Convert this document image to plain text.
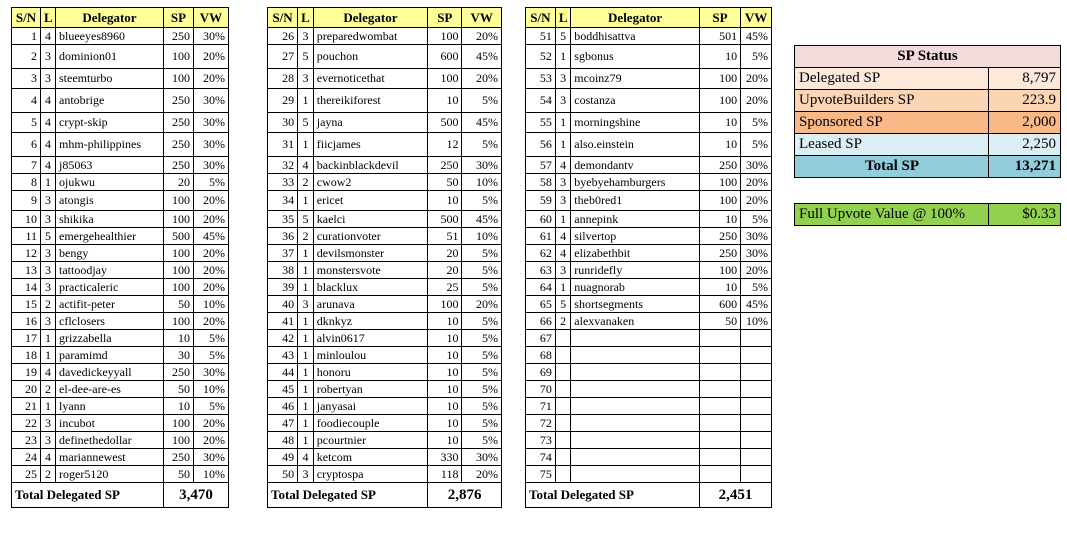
S/N	L	Delegator	SP	VW
1	4	blueeyes8960	250	30%
2	3	dominion01	100	20%
3	3	steemturbo	100	20%
4	4	antobrige	250	30%
5	4	crypt-skip	250	30%
6	4	mhm-philippines	250	30%
7	4	j85063	250	30%
8	1	ojukwu	20	5%
9	3	atongis	100	20%
10	3	shikika	100	20%
11	5	emergehealthier	500	45%
12	3	bengy	100	20%
13	3	tattoodjay	100	20%
14	3	practicaleric	100	20%
15	2	actifit-peter	50	10%
16	3	cflclosers	100	20%
17	1	grizzabella	10	5%
18	1	paramimd	30	5%
19	4	davedickeyyall	250	30%
20	2	el-dee-are-es	50	10%
21	1	lyann	10	5%
22	3	incubot	100	20%
23	3	definethedollar	100	20%
24	4	mariannewest	250	30%
25	2	roger5120	50	10%
Total Delegated SP			3,470	
S/N	L	Delegator	SP	VW
26	3	preparedwombat	100	20%
27	5	pouchon	600	45%
28	3	evernoticethat	100	20%
29	1	thereikiforest	10	5%
30	5	jayna	500	45%
31	1	fiicjames	12	5%
32	4	backinblackdevil	250	30%
33	2	cwow2	50	10%
34	1	ericet	10	5%
35	5	kaelci	500	45%
36	2	curationvoter	51	10%
37	1	devilsmonster	20	5%
38	1	monstersvote	20	5%
39	1	blacklux	25	5%
40	3	arunava	100	20%
41	1	dknkyz	10	5%
42	1	alvin0617	10	5%
43	1	minloulou	10	5%
44	1	honoru	10	5%
45	1	robertyan	10	5%
46	1	janyasai	10	5%
47	1	foodiecouple	10	5%
48	1	pcourtnier	10	5%
49	4	ketcom	330	30%
50	3	cryptospa	118	20%
Total Delegated SP			2,876	
S/N	L	Delegator	SP	VW
51	5	boddhisattva	501	45%
52	1	sgbonus	10	5%
53	3	mcoinz79	100	20%
54	3	costanza	100	20%
55	1	morningshine	10	5%
56	1	also.einstein	10	5%
57	4	demondantv	250	30%
58	3	byebyehamburgers	100	20%
59	3	theb0red1	100	20%
60	1	annepink	10	5%
61	4	silvertop	250	30%
62	4	elizabethbit	250	30%
63	3	runridefly	100	20%
64	1	nuagnorab	10	5%
65	5	shortsegments	600	45%
66	2	alexvanaken	50	10%
67				
68				
69				
70				
71				
72				
73				
74				
75				
Total Delegated SP			2,451	
SP Status	
Delegated SP	8,797
UpvoteBuilders SP	223.9
Sponsored SP	2,000
Leased SP	2,250
Total SP	13,271
Full Upvote Value @ 100%	$0.33
